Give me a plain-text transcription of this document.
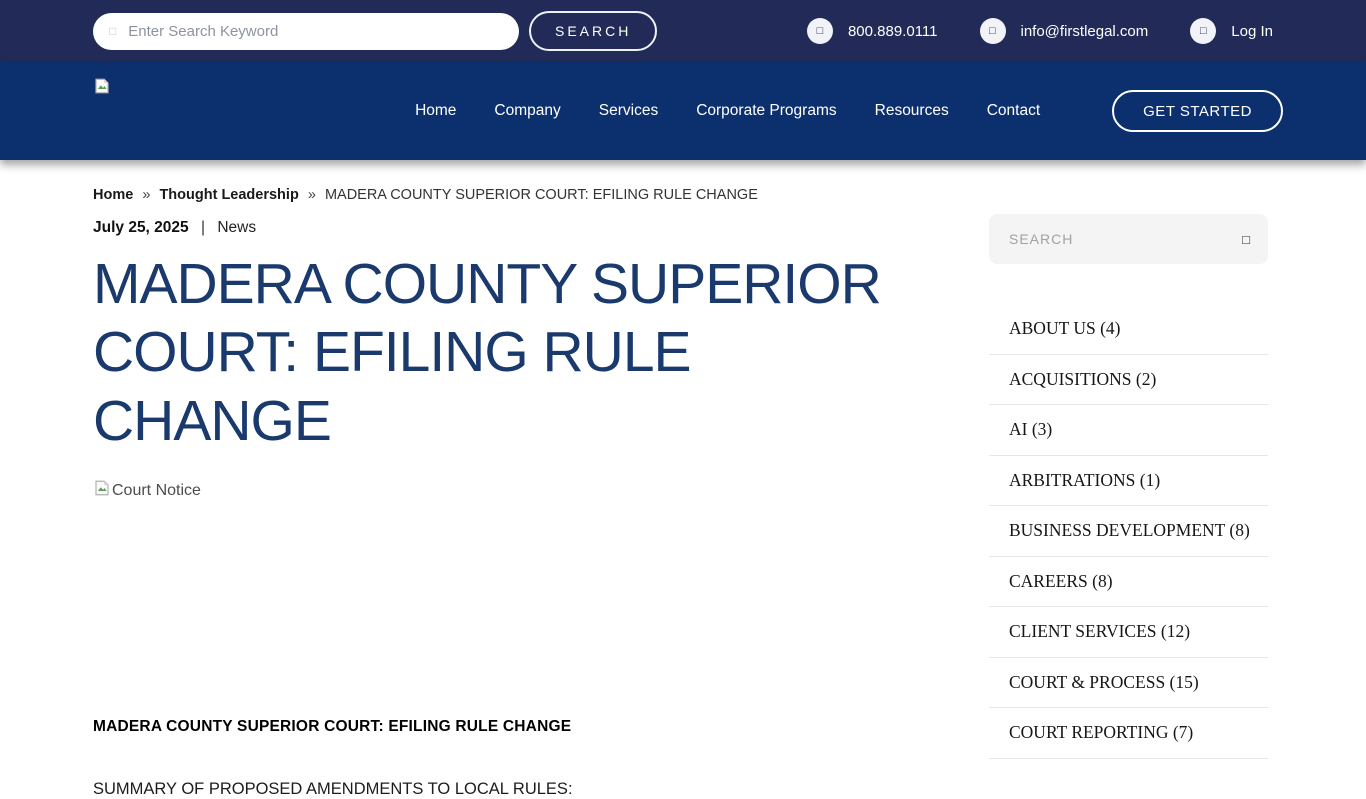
□
Enter Search Keyword	SEARCH	□	800.889.0111	□	info@firstlegal.com	□	Log In
Home Company Services Corporate Programs Resources Contact	GET STARTED
Home » Thought Leadership » MADERA COUNTY SUPERIOR COURT: EFILING RULE CHANGE
July 25, 2025 | News
MADERA COUNTY SUPERIOR COURT: EFILING RULE CHANGE
Court Notice
MADERA COUNTY SUPERIOR COURT: EFILING RULE CHANGE
SUMMARY OF PROPOSED AMENDMENTS TO LOCAL RULES:
SEARCH
□
ABOUT US (4)
ACQUISITIONS (2)
AI (3)
ARBITRATIONS (1)
BUSINESS DEVELOPMENT (8)
CAREERS (8)
CLIENT SERVICES (12)
COURT & PROCESS (15)
COURT REPORTING (7)
